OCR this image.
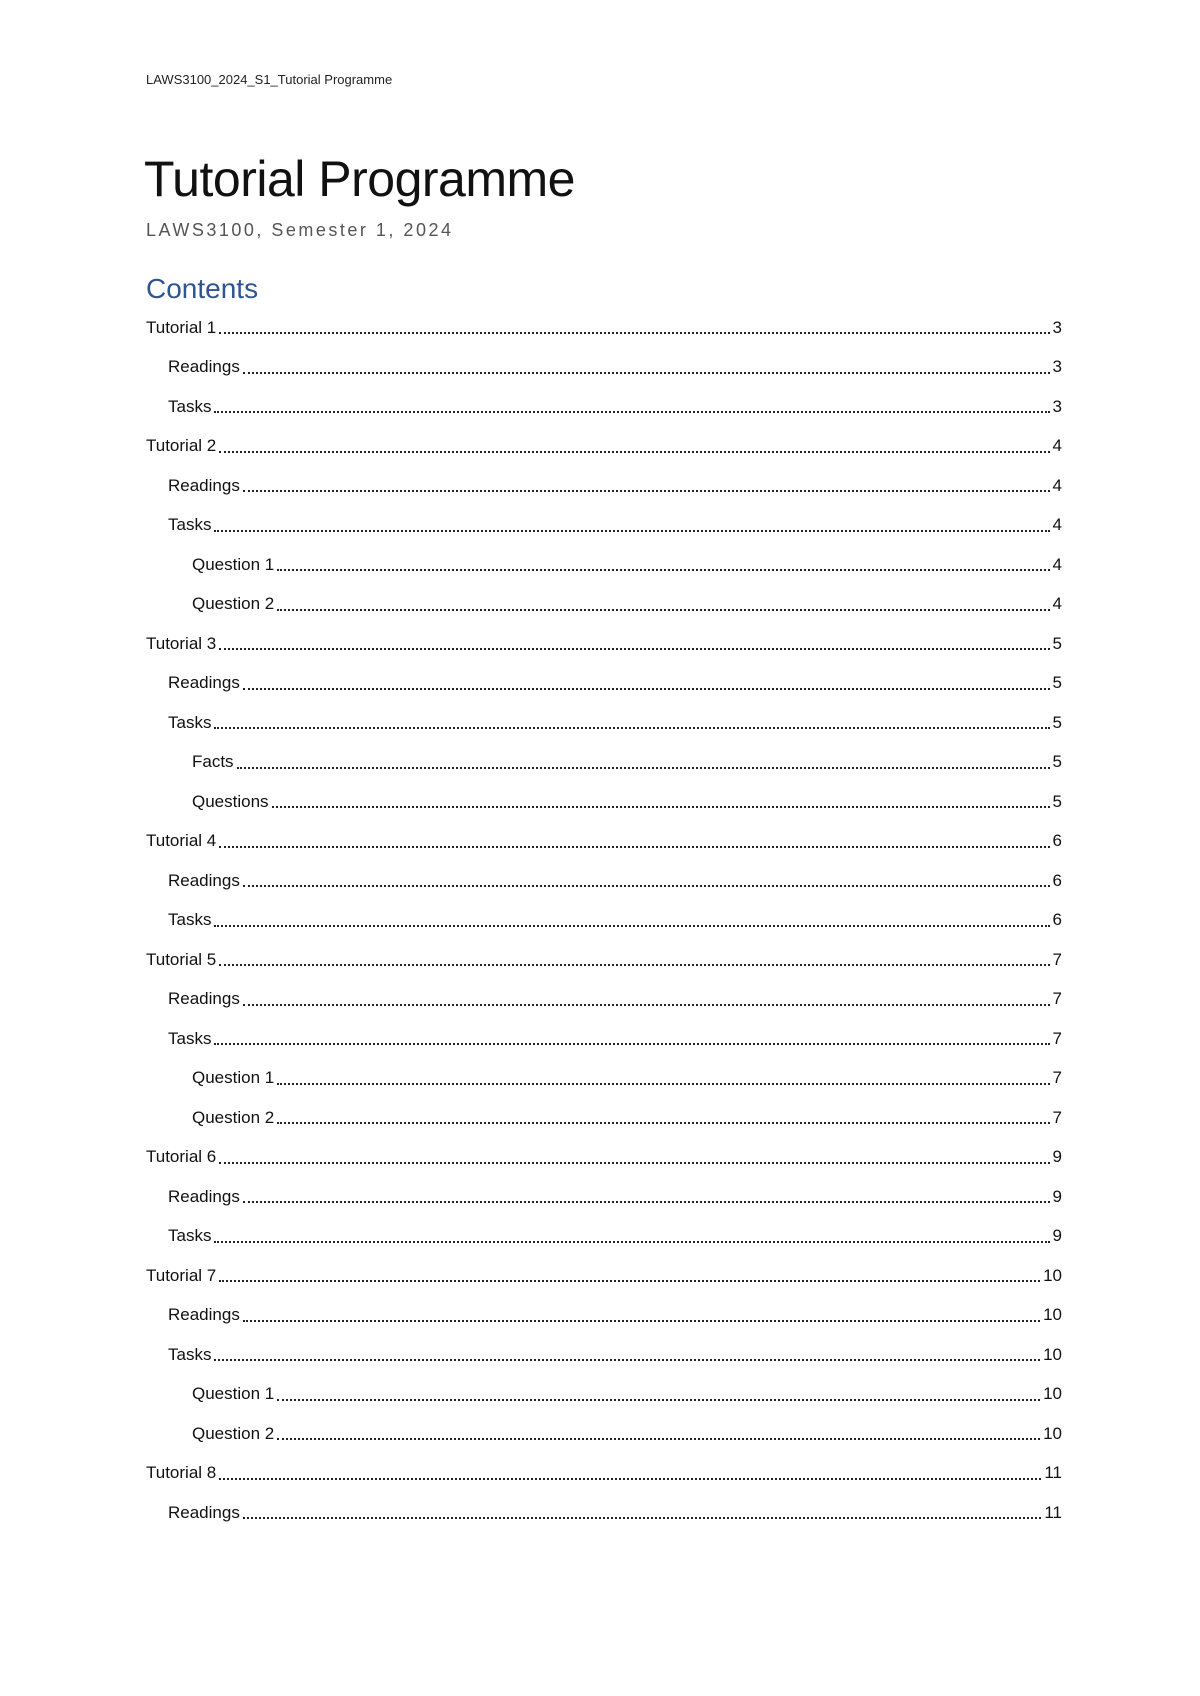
LAWS3100_2024_S1_Tutorial Programme
Tutorial Programme
LAWS3100, Semester 1, 2024
Contents
Tutorial 1	3
Readings	3
Tasks	3
Tutorial 2	4
Readings	4
Tasks	4
Question 1	4
Question 2	4
Tutorial 3	5
Readings	5
Tasks	5
Facts	5
Questions	5
Tutorial 4	6
Readings	6
Tasks	6
Tutorial 5	7
Readings	7
Tasks	7
Question 1	7
Question 2	7
Tutorial 6	9
Readings	9
Tasks	9
Tutorial 7	10
Readings	10
Tasks	10
Question 1	10
Question 2	10
Tutorial 8	11
Readings	11
